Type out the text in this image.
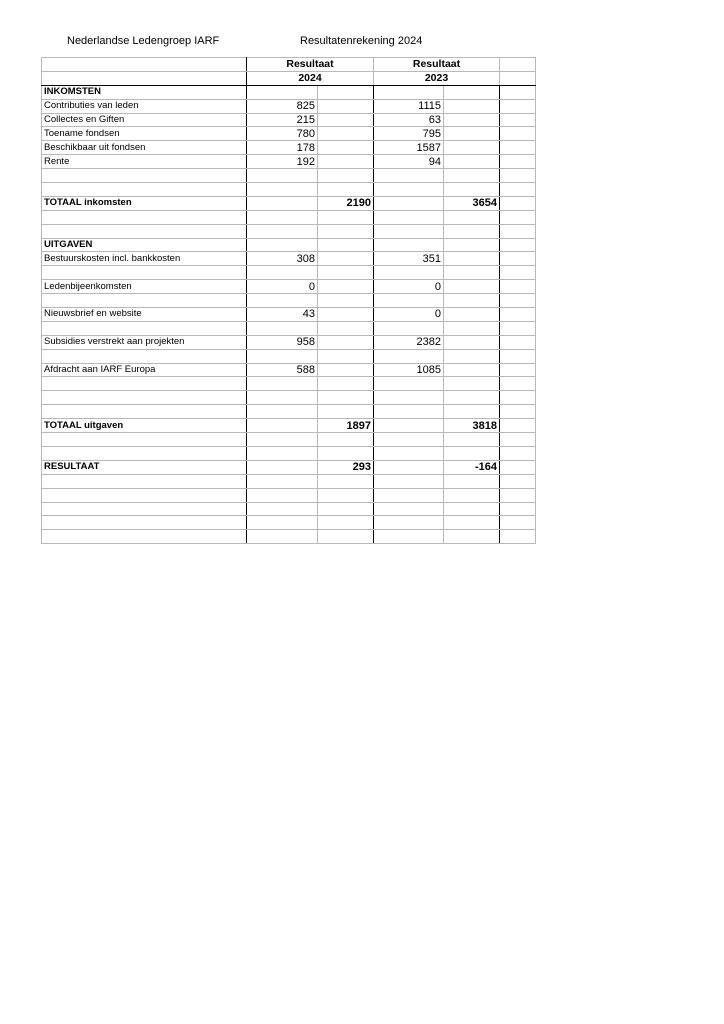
Nederlandse Ledengroep IARF	Resultatenrekening 2024
	Resultaat		Resultaat		
	2024		2023		
INKOMSTEN					
Contributies van leden	825		1115		
Collectes en Giften	215		63		
Toename fondsen	780		795		
Beschikbaar uit fondsen	178		1587		
Rente	192		94		

TOTAAL inkomsten		2190		3654	

UITGAVEN					
Bestuurskosten incl. bankkosten	308		351		

Ledenbijeenkomsten	0		0		

Nieuwsbrief en website	43		0		

Subsidies verstrekt aan projekten	958		2382		

Afdracht aan IARF Europa	588		1085		

TOTAAL uitgaven		1897		3818	

RESULTAAT		293		-164	
